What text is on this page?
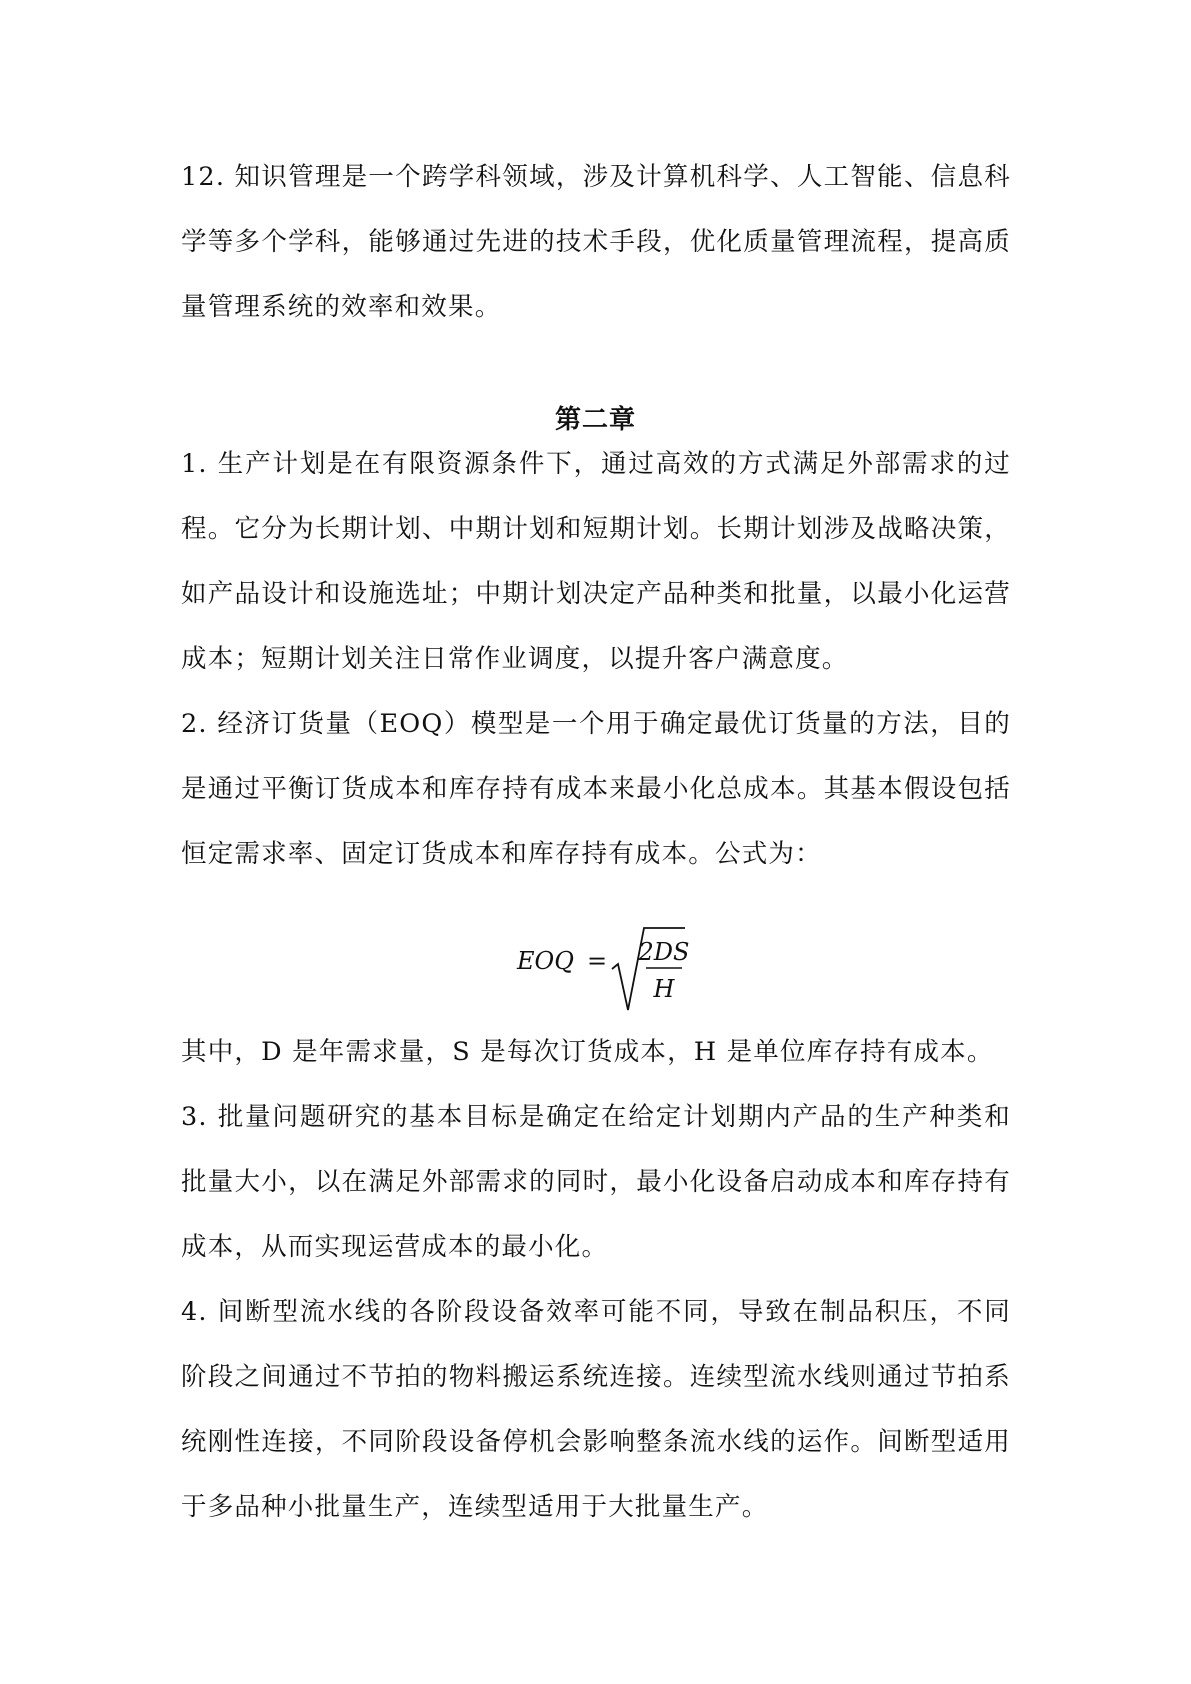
12. 知识管理是一个跨学科领域，涉及计算机科学、人工智能、信息科学等多个学科，能够通过先进的技术手段，优化质量管理流程，提高质量管理系统的效率和效果。

第二章

1. 生产计划是在有限资源条件下，通过高效的方式满足外部需求的过程。它分为长期计划、中期计划和短期计划。长期计划涉及战略决策，如产品设计和设施选址；中期计划决定产品种类和批量，以最小化运营成本；短期计划关注日常作业调度，以提升客户满意度。

2. 经济订货量（EOQ）模型是一个用于确定最优订货量的方法，目的是通过平衡订货成本和库存持有成本来最小化总成本。其基本假设包括恒定需求率、固定订货成本和库存持有成本。公式为：

EOQ = 2DS
H

其中，D 是年需求量，S 是每次订货成本，H 是单位库存持有成本。

3. 批量问题研究的基本目标是确定在给定计划期内产品的生产种类和批量大小，以在满足外部需求的同时，最小化设备启动成本和库存持有成本，从而实现运营成本的最小化。

4. 间断型流水线的各阶段设备效率可能不同，导致在制品积压，不同阶段之间通过不节拍的物料搬运系统连接。连续型流水线则通过节拍系统刚性连接，不同阶段设备停机会影响整条流水线的运作。间断型适用于多品种小批量生产，连续型适用于大批量生产。
